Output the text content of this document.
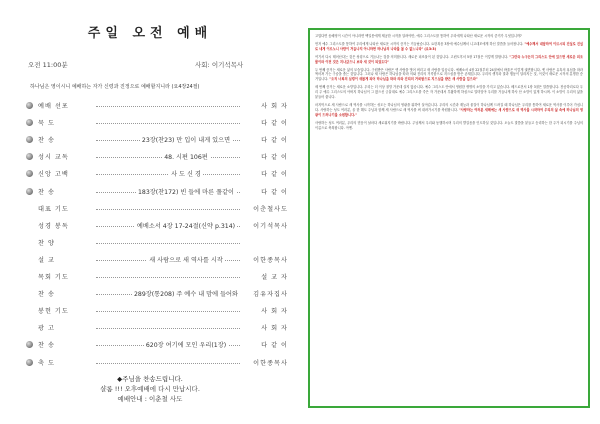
주일 오전 예배
오전 11:00분	사회: 이기석목사
하나님은 영이시니 예배하는 자가 신령과 진정으로 예배할지니라 (요4장24절)
예배 선포	사 회 자
묵 도	다 같 이
찬 송	23장(찬23) 만 입이 내게 있으면	다 같 이
성시 교독	48. 시편 106편	다 같 이
신앙 고백	사 도 신 경	다 같 이
찬 송	183장(찬172) 빈 들에 마른 풀같이	다 같 이
대표 기도	이춘철사도
성경 봉독	예베소서 4장 17-24절(신약 p.314)	이기석목사
찬 양
설 교	새 사람으로 새 역사를 시작	이한종목사
목회 기도	설 교 자
찬 송	289장(통208) 주 예수 내 맘에 들어와	김유자집사
봉헌 기도	사 회 자
광 고	사 회 자
찬 송	620장 여기에 모인 우리(1장)	다 같 이
축 도	이한종목사
◆주님을 찬송드립니다.
샬롬 !!! 오후예배에 다시 만납시다.
예배안내 : 이춘철 사도

고맙다면 송혜영이 시간이 아니라면 백일몽에게 제공한 시작을 알려야만, 예수 그리스도를 통하여 우리에게 나타난 새로운 시작의 중거가 무엇입니까?

먼저 예수 그리스도를 통하여 우리에게 나타난 새로운 시작의 증거는 거듭났습니다. 요한복음 3장에 예수님께서 니고데모에게 하신 말씀을 들어봅니다. "예수께서 대답하여 이르시되 진실로 진실로 네게 이르노니 사람이 거듭나지 아니하면 하나님의 나라를 볼 수 없느니라" (요3:3)

여기서 다시 태어난다는 것은 성령으로 거듭나는 것을 의미합니다. 새로운 피조물이 된 것입니다. 고린도후서 5장 17절은 이렇게 말합니다. "그런즉 누구든지 그리스도 안에 있으면 새로운 피조물이라 이전 것은 지나갔으니 보라 새 것이 되었도다"

두 번째 증거는 새로운 삶의 모습입니다. 구원받은 사람은 옛 사람을 벗어 버리고 새 사람을 입습니다. 에베소서 4장 22절부터 24절에서 바울은 이렇게 권면합니다. 옛 사람은 유혹의 욕심을 따라 썩어져 가는 구습을 좇는 것입니다. 그러나 새 사람은 하나님을 따라 의와 진리의 거룩함으로 지으심을 받은 존재입니다. 우리의 생각과 말과 행동이 달라지는 것, 이것이 새로운 시작의 분명한 증거입니다. "오직 너희의 심령이 새롭게 되어 하나님을 따라 의와 진리의 거룩함으로 지으심을 받은 새 사람을 입으라"

세 번째 증거는 새로운 소망입니다. 우리는 더 이상 절망 가운데 살지 않습니다. 예수 그리스도 안에서 영원한 생명의 소망을 가지고 있습니다. 베드로전서 1장 3절은 말씀합니다. 찬송하리로다 우리 주 예수 그리스도의 아버지 하나님이 그 많으신 긍휼대로 예수 그리스도를 죽은 자 가운데서 부활하게 하심으로 말미암아 우리를 거듭나게 하사 산 소망이 있게 하시며. 이 소망이 우리의 삶을 붙들어 줍니다.

마지막으로 새 사람으로 새 역사를 시작하는 성도는 하나님의 영광을 위하여 살아갑니다. 우리의 시간과 재능과 물질이 하나님께 드려질 때 하나님은 우리를 통하여 새로운 역사를 이루어 가십니다. 사랑하는 성도 여러분, 올 한 해도 주님과 함께 새 사람으로 새 역사를 써 내려가시기를 축원합니다. "사랑하는 여러분 새해에는 새 사람으로 새 역사를 시작하여 우리의 삶 속에 하나님의 영광이 드러나기를 소원합니다."

사랑하는 성도 여러분, 우리의 믿음이 날마다 새로워지기를 바랍니다. 주님께서 우리와 동행하시며 우리의 발걸음을 인도하실 것입니다. 오늘도 말씀을 붙들고 승리하는 한 주가 되시기를 주님의 이름으로 축복합니다. 아멘.
